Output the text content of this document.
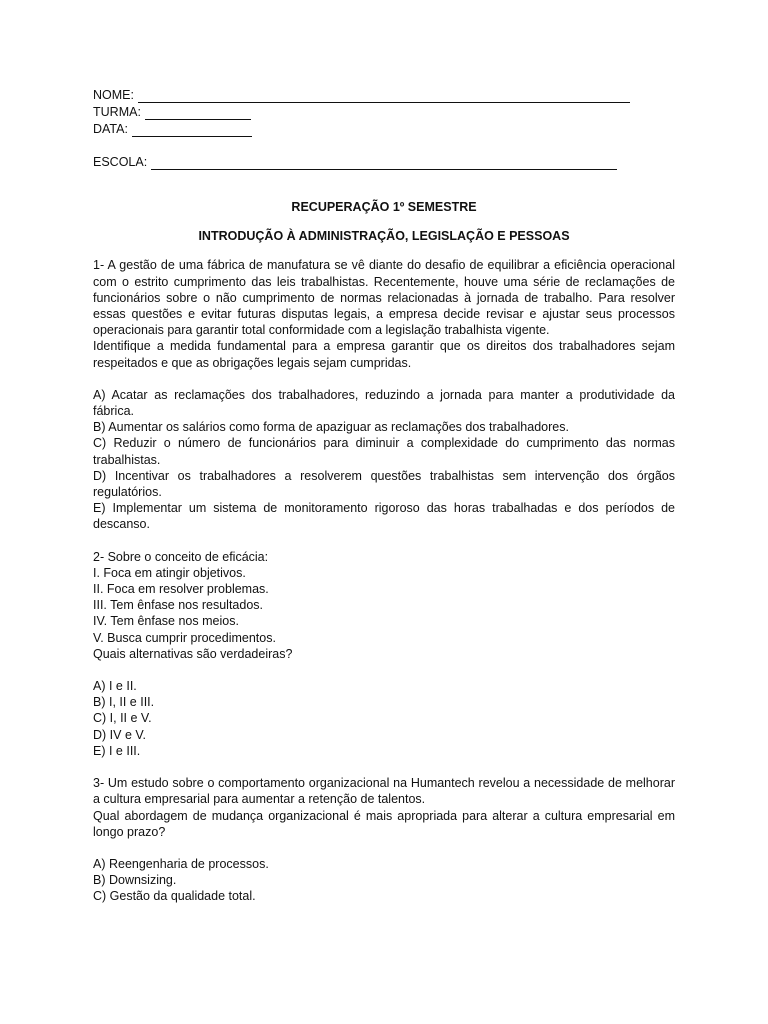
NOME:
TURMA:
DATA:
ESCOLA:
RECUPERAÇÃO 1º SEMESTRE
INTRODUÇÃO À ADMINISTRAÇÃO, LEGISLAÇÃO E PESSOAS

1- A gestão de uma fábrica de manufatura se vê diante do desafio de equilibrar a eficiência operacional com o estrito cumprimento das leis trabalhistas. Recentemente, houve uma série de reclamações de funcionários sobre o não cumprimento de normas relacionadas à jornada de trabalho. Para resolver essas questões e evitar futuras disputas legais, a empresa decide revisar e ajustar seus processos operacionais para garantir total conformidade com a legislação trabalhista vigente.

Identifique a medida fundamental para a empresa garantir que os direitos dos trabalhadores sejam respeitados e que as obrigações legais sejam cumpridas.

A) Acatar as reclamações dos trabalhadores, reduzindo a jornada para manter a produtividade da fábrica.

B) Aumentar os salários como forma de apaziguar as reclamações dos trabalhadores.

C) Reduzir o número de funcionários para diminuir a complexidade do cumprimento das normas trabalhistas.

D) Incentivar os trabalhadores a resolverem questões trabalhistas sem intervenção dos órgãos regulatórios.

E) Implementar um sistema de monitoramento rigoroso das horas trabalhadas e dos períodos de descanso.

2- Sobre o conceito de eficácia:

I. Foca em atingir objetivos.

II. Foca em resolver problemas.

III. Tem ênfase nos resultados.

IV. Tem ênfase nos meios.

V. Busca cumprir procedimentos.

Quais alternativas são verdadeiras?

A) I e II.

B) I, II e III.

C) I, II e V.

D) IV e V.

E) I e III.

3- Um estudo sobre o comportamento organizacional na Humantech revelou a necessidade de melhorar a cultura empresarial para aumentar a retenção de talentos.

Qual abordagem de mudança organizacional é mais apropriada para alterar a cultura empresarial em longo prazo?

A) Reengenharia de processos.

B) Downsizing.

C) Gestão da qualidade total.
